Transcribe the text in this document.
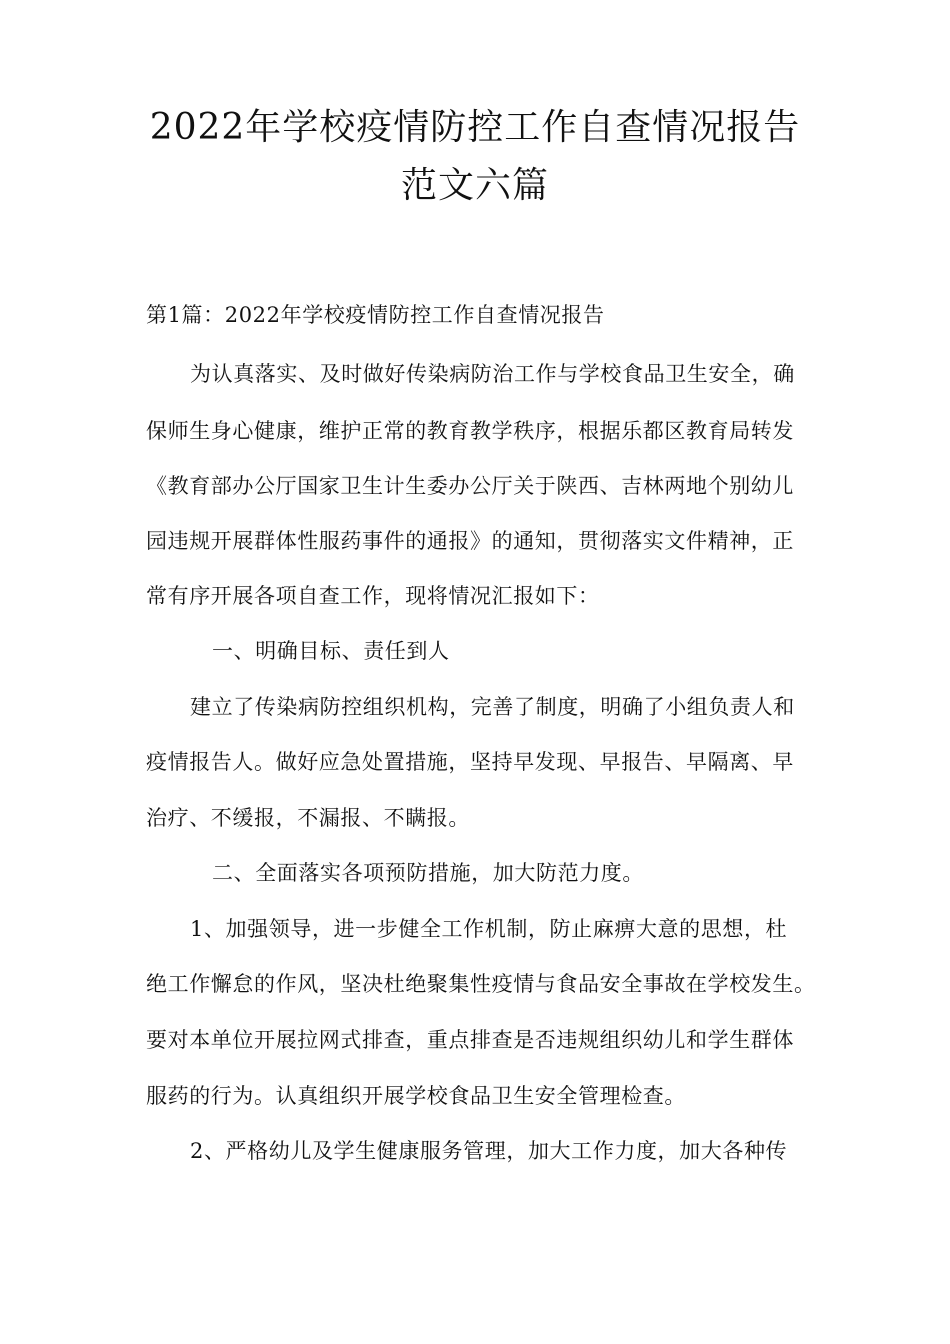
2022年学校疫情防控工作自查情况报告
范文六篇
第1篇：2022年学校疫情防控工作自查情况报告
为认真落实、及时做好传染病防治工作与学校食品卫生安全，确
保师生身心健康，维护正常的教育教学秩序，根据乐都区教育局转发
《教育部办公厅国家卫生计生委办公厅关于陕西、吉林两地个别幼儿
园违规开展群体性服药事件的通报》的通知，贯彻落实文件精神，正
常有序开展各项自查工作，现将情况汇报如下：
一、明确目标、责任到人
建立了传染病防控组织机构，完善了制度，明确了小组负责人和
疫情报告人。做好应急处置措施，坚持早发现、早报告、早隔离、早
治疗、不缓报，不漏报、不瞒报。
二、全面落实各项预防措施，加大防范力度。
1、加强领导，进一步健全工作机制，防止麻痹大意的思想，杜
绝工作懈怠的作风，坚决杜绝聚集性疫情与食品安全事故在学校发生。
要对本单位开展拉网式排查，重点排查是否违规组织幼儿和学生群体
服药的行为。认真组织开展学校食品卫生安全管理检查。
2、严格幼儿及学生健康服务管理，加大工作力度，加大各种传
